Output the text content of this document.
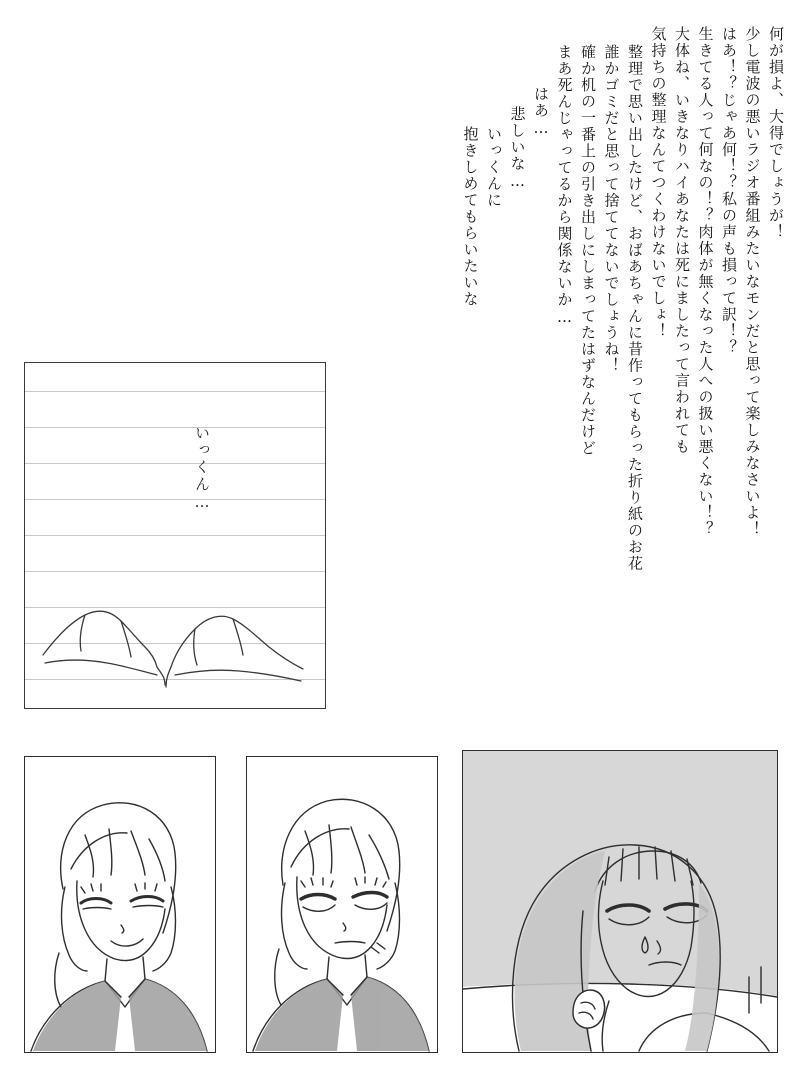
抱きしめてもらいたいな いっくんに 悲しいな… はあ… まあ死んじゃってるから関係ないか… 確か机の一番上の引き出しにしまってたはずなんだけど 誰かゴミだと思って捨ててないでしょうね！ 整理で思い出したけど、おばあちゃんに昔作ってもらった折り紙のお花 気持ちの整理なんてつくわけないでしょ！ 大体ね、いきなりハイあなたは死にましたって言われても 生きてる人って何なの！？肉体が無くなった人への扱い悪くない！？ はあ！？じゃあ何！？私の声も損って訳！？ 少し電波の悪いラジオ番組みたいなモンだと思って楽しみなさいよ！ 何が損よ、大得でしょうが！
いっくん…
